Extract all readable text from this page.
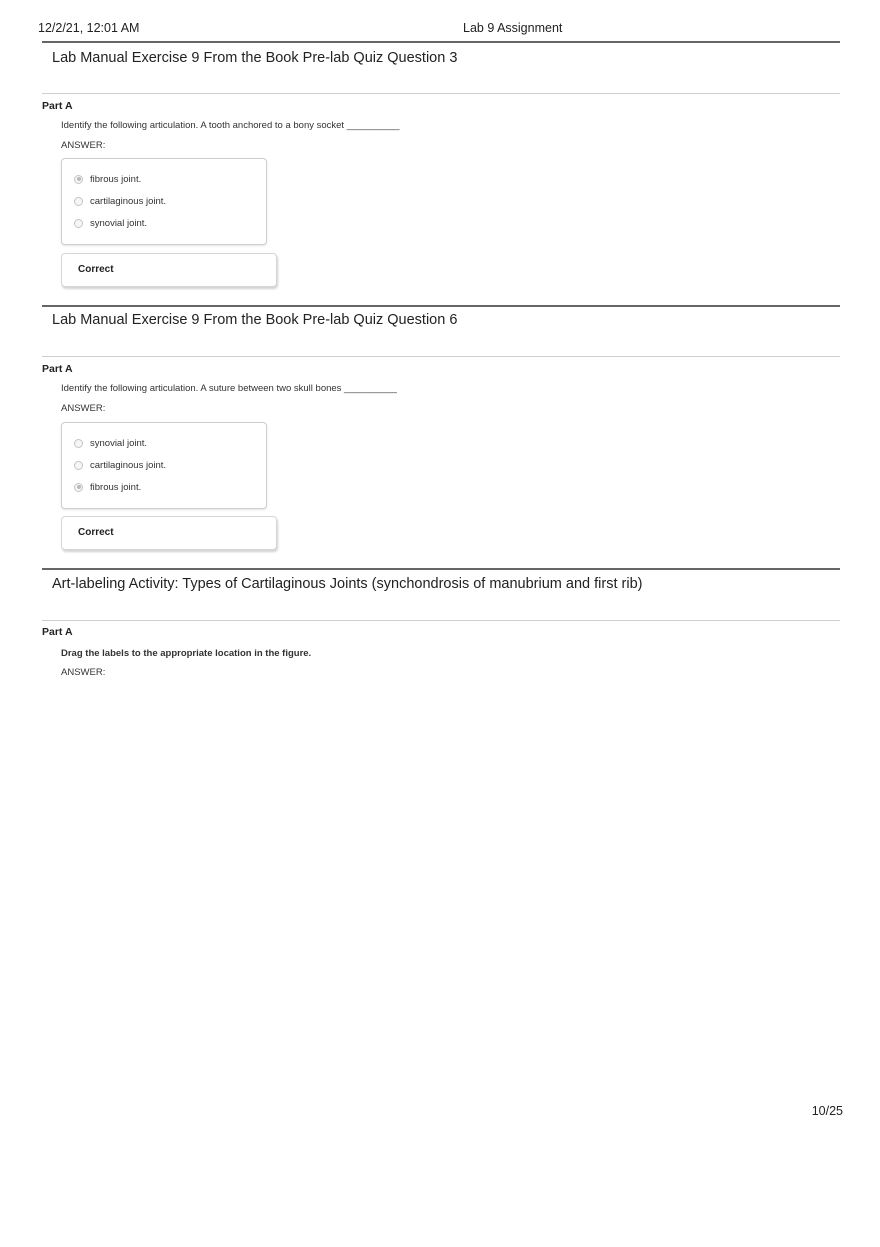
12/2/21, 12:01 AM	Lab 9 Assignment
Lab Manual Exercise 9 From the Book Pre-lab Quiz Question 3
Part A
Identify the following articulation. A tooth anchored to a bony socket __________
ANSWER:
fibrous joint.
cartilaginous joint.
synovial joint.
Correct
Lab Manual Exercise 9 From the Book Pre-lab Quiz Question 6
Part A
Identify the following articulation. A suture between two skull bones __________
ANSWER:
synovial joint.
cartilaginous joint.
fibrous joint.
Correct
Art-labeling Activity: Types of Cartilaginous Joints (synchondrosis of manubrium and first rib)
Part A
Drag the labels to the appropriate location in the figure.
ANSWER:
10/25
